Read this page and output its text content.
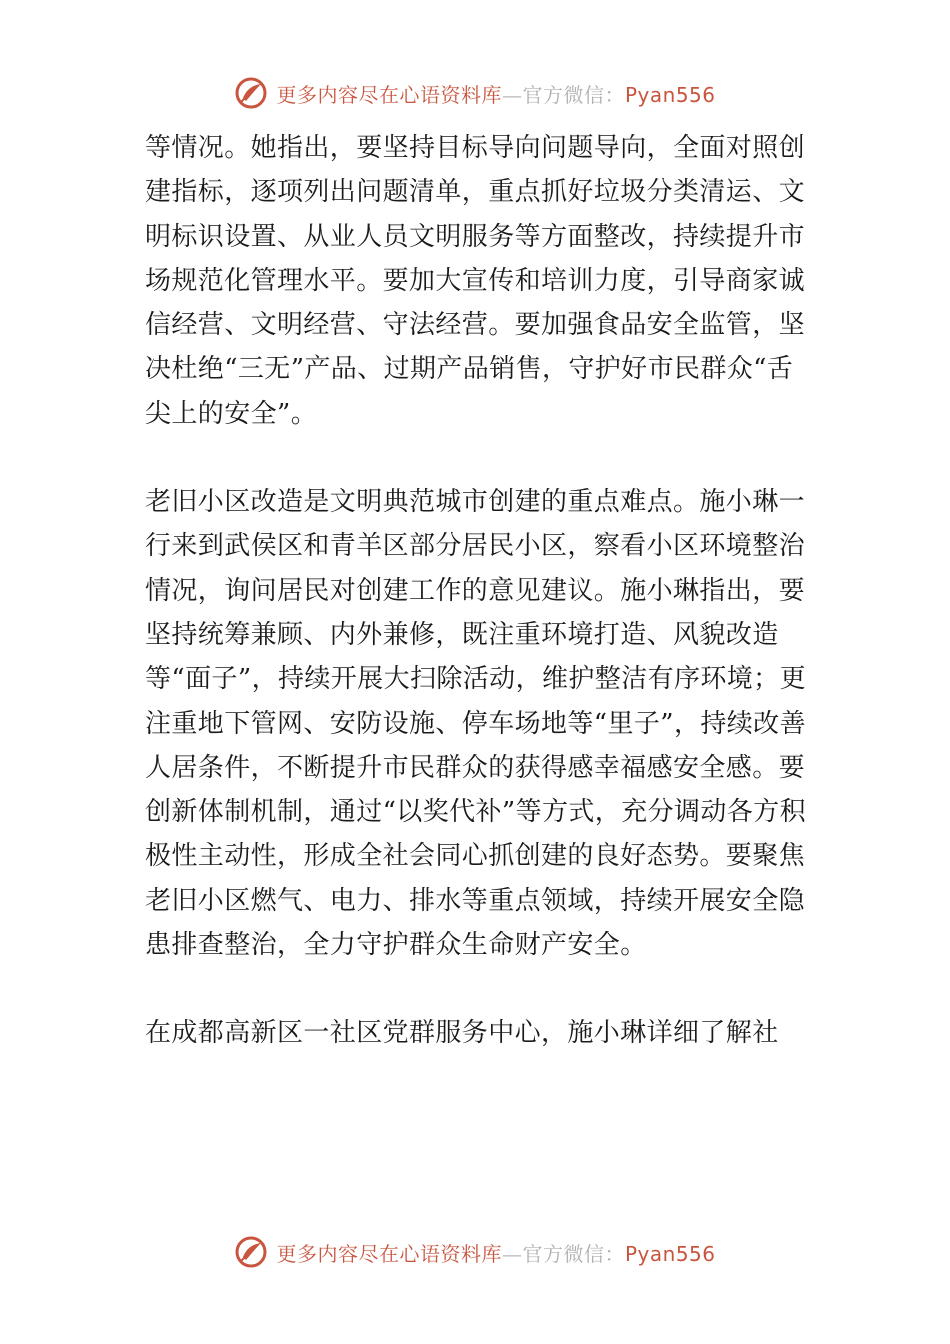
更多内容尽在心语资料库—官方微信：Pyan556

等情况。她指出，要坚持目标导向问题导向，全面对照创建指标，逐项列出问题清单，重点抓好垃圾分类清运、文明标识设置、从业人员文明服务等方面整改，持续提升市场规范化管理水平。要加大宣传和培训力度，引导商家诚信经营、文明经营、守法经营。要加强食品安全监管，坚决杜绝“三无”产品、过期产品销售，守护好市民群众“舌尖上的安全”。

老旧小区改造是文明典范城市创建的重点难点。施小琳一行来到武侯区和青羊区部分居民小区，察看小区环境整治情况，询问居民对创建工作的意见建议。施小琳指出，要坚持统筹兼顾、内外兼修，既注重环境打造、风貌改造等“面子”，持续开展大扫除活动，维护整洁有序环境；更注重地下管网、安防设施、停车场地等“里子”，持续改善人居条件，不断提升市民群众的获得感幸福感安全感。要创新体制机制，通过“以奖代补”等方式，充分调动各方积极性主动性，形成全社会同心抓创建的良好态势。要聚焦老旧小区燃气、电力、排水等重点领域，持续开展安全隐患排查整治，全力守护群众生命财产安全。

在成都高新区一社区党群服务中心，施小琳详细了解社

更多内容尽在心语资料库—官方微信：Pyan556
